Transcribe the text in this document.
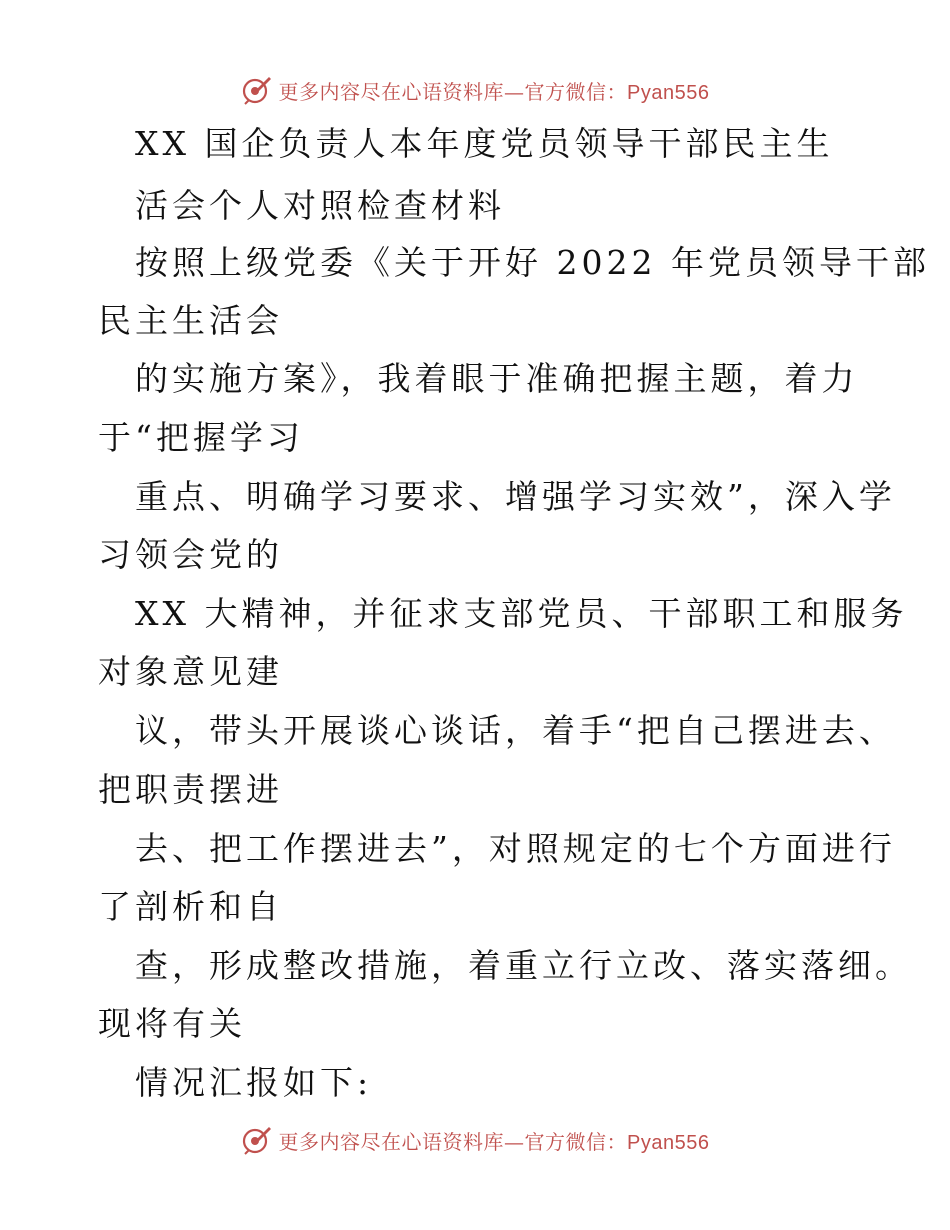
更多内容尽在心语资料库—官方微信：Pyan556
XX 国企负责人本年度党员领导干部民主生
活会个人对照检查材料
按照上级党委《关于开好 2022 年党员领导干部
民主生活会
的实施方案》，我着眼于准确把握主题，着力
于“把握学习
重点、明确学习要求、增强学习实效”，深入学
习领会党的
XX 大精神，并征求支部党员、干部职工和服务
对象意见建
议，带头开展谈心谈话，着手“把自己摆进去、
把职责摆进
去、把工作摆进去”，对照规定的七个方面进行
了剖析和自
查，形成整改措施，着重立行立改、落实落细。
现将有关
情况汇报如下:
更多内容尽在心语资料库—官方微信：Pyan556
